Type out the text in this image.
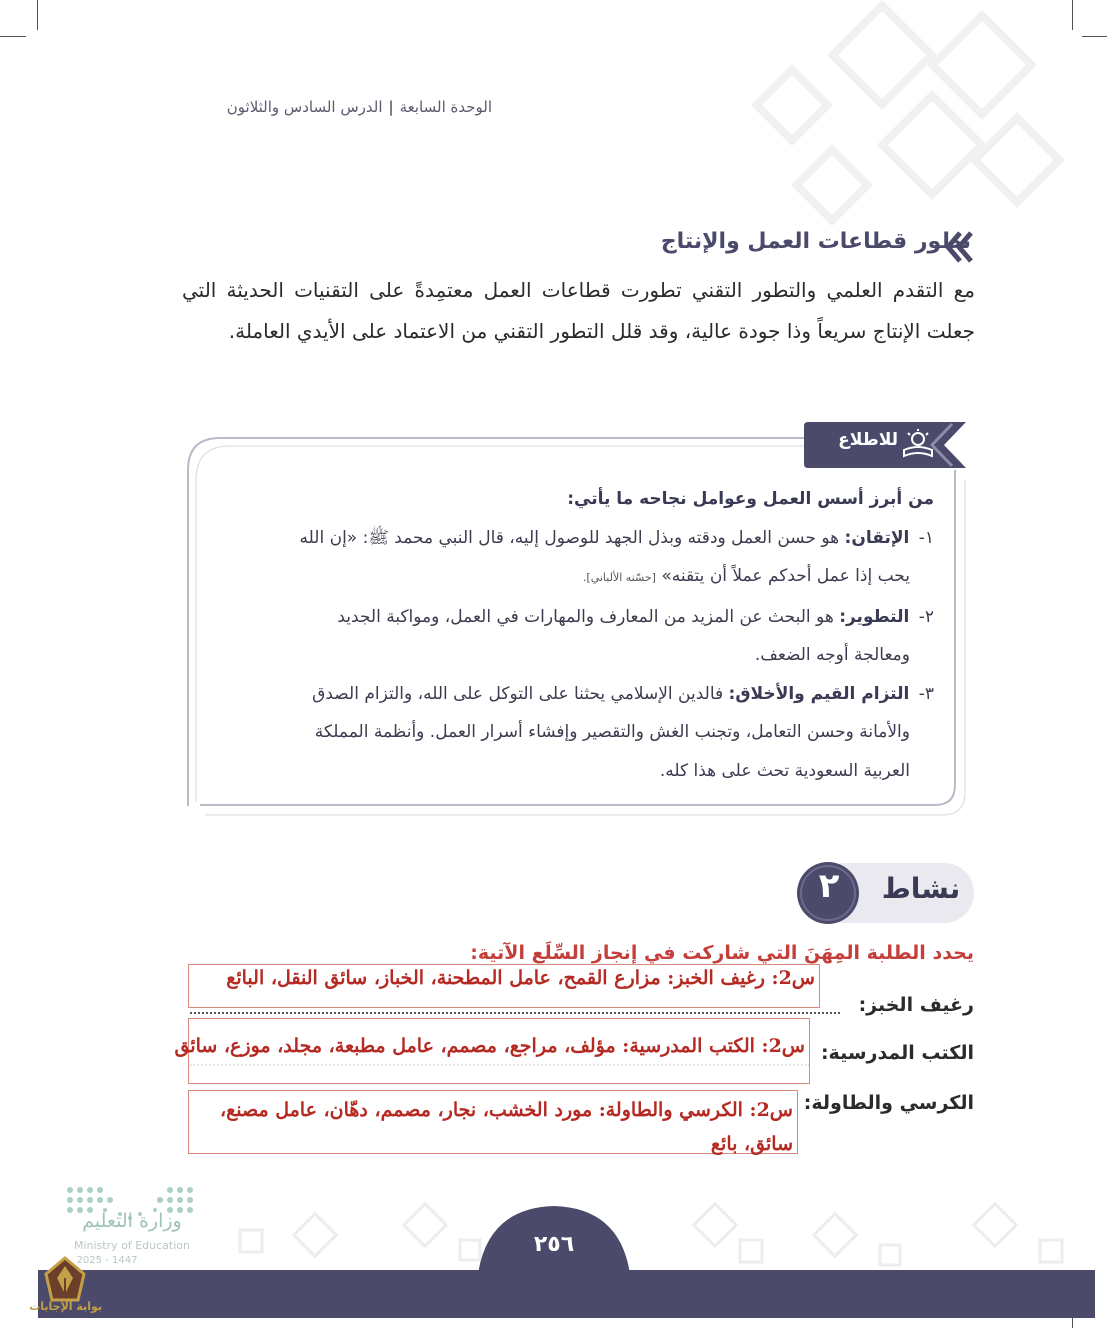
الوحدة السابعة|الدرس السادس والثلاثون
تطور قطاعات العمل والإنتاج
مع التقدم العلمي والتطور التقني تطورت قطاعات العمل معتمِدةً على التقنيات الحديثة التي جعلت الإنتاج سريعاً وذا جودة عالية، وقد قلل التطور التقني من الاعتماد على الأيدي العاملة.
للاطلاع
من أبرز أسس العمل وعوامل نجاحه ما يأتي:
١- الإتقان: هو حسن العمل ودقته وبذل الجهد للوصول إليه، قال النبي محمد ﷺ: «إن الله
يحب إذا عمل أحدكم عملاً أن يتقنه» [حسّنه الألباني].
٢- التطوير: هو البحث عن المزيد من المعارف والمهارات في العمل، ومواكبة الجديد
ومعالجة أوجه الضعف.
٣- التزام القيم والأخلاق: فالدين الإسلامي يحثنا على التوكل على الله، والتزام الصدق
والأمانة وحسن التعامل، وتجنب الغش والتقصير وإفشاء أسرار العمل. وأنظمة المملكة
العربية السعودية تحث على هذا كله.
نشاط
٢
يحدد الطلبة المِهَنَ التي شاركت في إنجاز السِّلَع الآتية:
رغيف الخبز:
س2: رغيف الخبز: مزارع القمح، عامل المطحنة، الخباز، سائق النقل، البائع
الكتب المدرسية:
س2: الكتب المدرسية: مؤلف، مراجع، مصمم، عامل مطبعة، مجلد، موزع، سائق
الكرسي والطاولة:
س2: الكرسي والطاولة: مورد الخشب، نجار، مصمم، دهّان، عامل مصنع، سائق، بائع
وزارة التعليم
Ministry of Education
2025 - 1447
٢٥٦
بوابة الإجابات
